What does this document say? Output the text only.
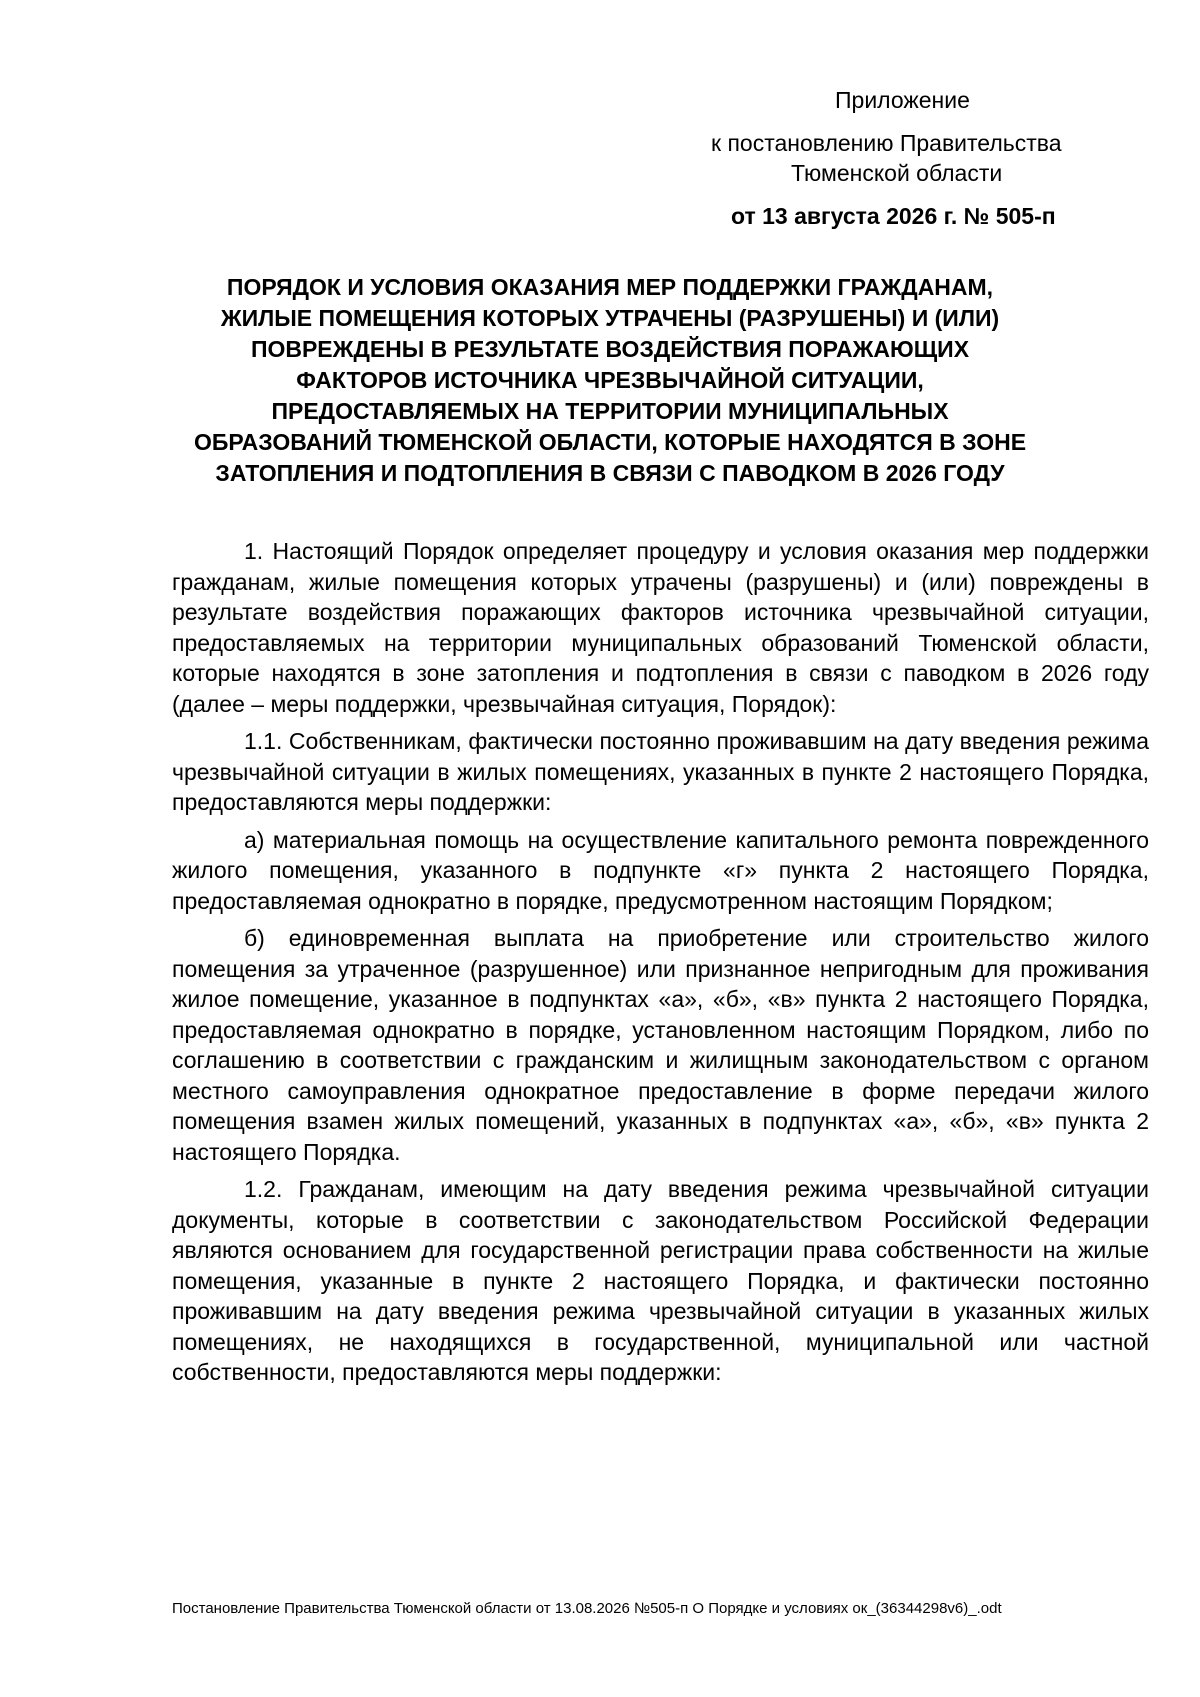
Приложение
к постановлению Правительства
Тюменской области
от 13 августа 2026 г. № 505-п
ПОРЯДОК И УСЛОВИЯ ОКАЗАНИЯ МЕР ПОДДЕРЖКИ ГРАЖДАНАМ,
ЖИЛЫЕ ПОМЕЩЕНИЯ КОТОРЫХ УТРАЧЕНЫ (РАЗРУШЕНЫ) И (ИЛИ)
ПОВРЕЖДЕНЫ В РЕЗУЛЬТАТЕ ВОЗДЕЙСТВИЯ ПОРАЖАЮЩИХ
ФАКТОРОВ ИСТОЧНИКА ЧРЕЗВЫЧАЙНОЙ СИТУАЦИИ,
ПРЕДОСТАВЛЯЕМЫХ НА ТЕРРИТОРИИ МУНИЦИПАЛЬНЫХ
ОБРАЗОВАНИЙ ТЮМЕНСКОЙ ОБЛАСТИ, КОТОРЫЕ НАХОДЯТСЯ В ЗОНЕ
ЗАТОПЛЕНИЯ И ПОДТОПЛЕНИЯ В СВЯЗИ С ПАВОДКОМ В 2026 ГОДУ

1. Настоящий Порядок определяет процедуру и условия оказания мер поддержки гражданам, жилые помещения которых утрачены (разрушены) и (или) повреждены в результате воздействия поражающих факторов источника чрезвычайной ситуации, предоставляемых на территории муниципальных образований Тюменской области, которые находятся в зоне затопления и подтопления в связи с паводком в 2026 году (далее – меры поддержки, чрезвычайная ситуация, Порядок):

1.1. Собственникам, фактически постоянно проживавшим на дату введения режима чрезвычайной ситуации в жилых помещениях, указанных в пункте 2 настоящего Порядка, предоставляются меры поддержки:

а) материальная помощь на осуществление капитального ремонта поврежденного жилого помещения, указанного в подпункте «г» пункта 2 настоящего Порядка, предоставляемая однократно в порядке, предусмотренном настоящим Порядком;

б) единовременная выплата на приобретение или строительство жилого помещения за утраченное (разрушенное) или признанное непригодным для проживания жилое помещение, указанное в подпунктах «а», «б», «в» пункта 2 настоящего Порядка, предоставляемая однократно в порядке, установленном настоящим Порядком, либо по соглашению в соответствии с гражданским и жилищным законодательством с органом местного самоуправления однократное предоставление в форме передачи жилого помещения взамен жилых помещений, указанных в подпунктах «а», «б», «в» пункта 2 настоящего Порядка.

1.2. Гражданам, имеющим на дату введения режима чрезвычайной ситуации документы, которые в соответствии с законодательством Российской Федерации являются основанием для государственной регистрации права собственности на жилые помещения, указанные в пункте 2 настоящего Порядка, и фактически постоянно проживавшим на дату введения режима чрезвычайной ситуации в указанных жилых помещениях, не находящихся в государственной, муниципальной или частной собственности, предоставляются меры поддержки:

Постановление Правительства Тюменской области от 13.08.2026 №505-п О Порядке и условиях ок_(36344298v6)_.odt
